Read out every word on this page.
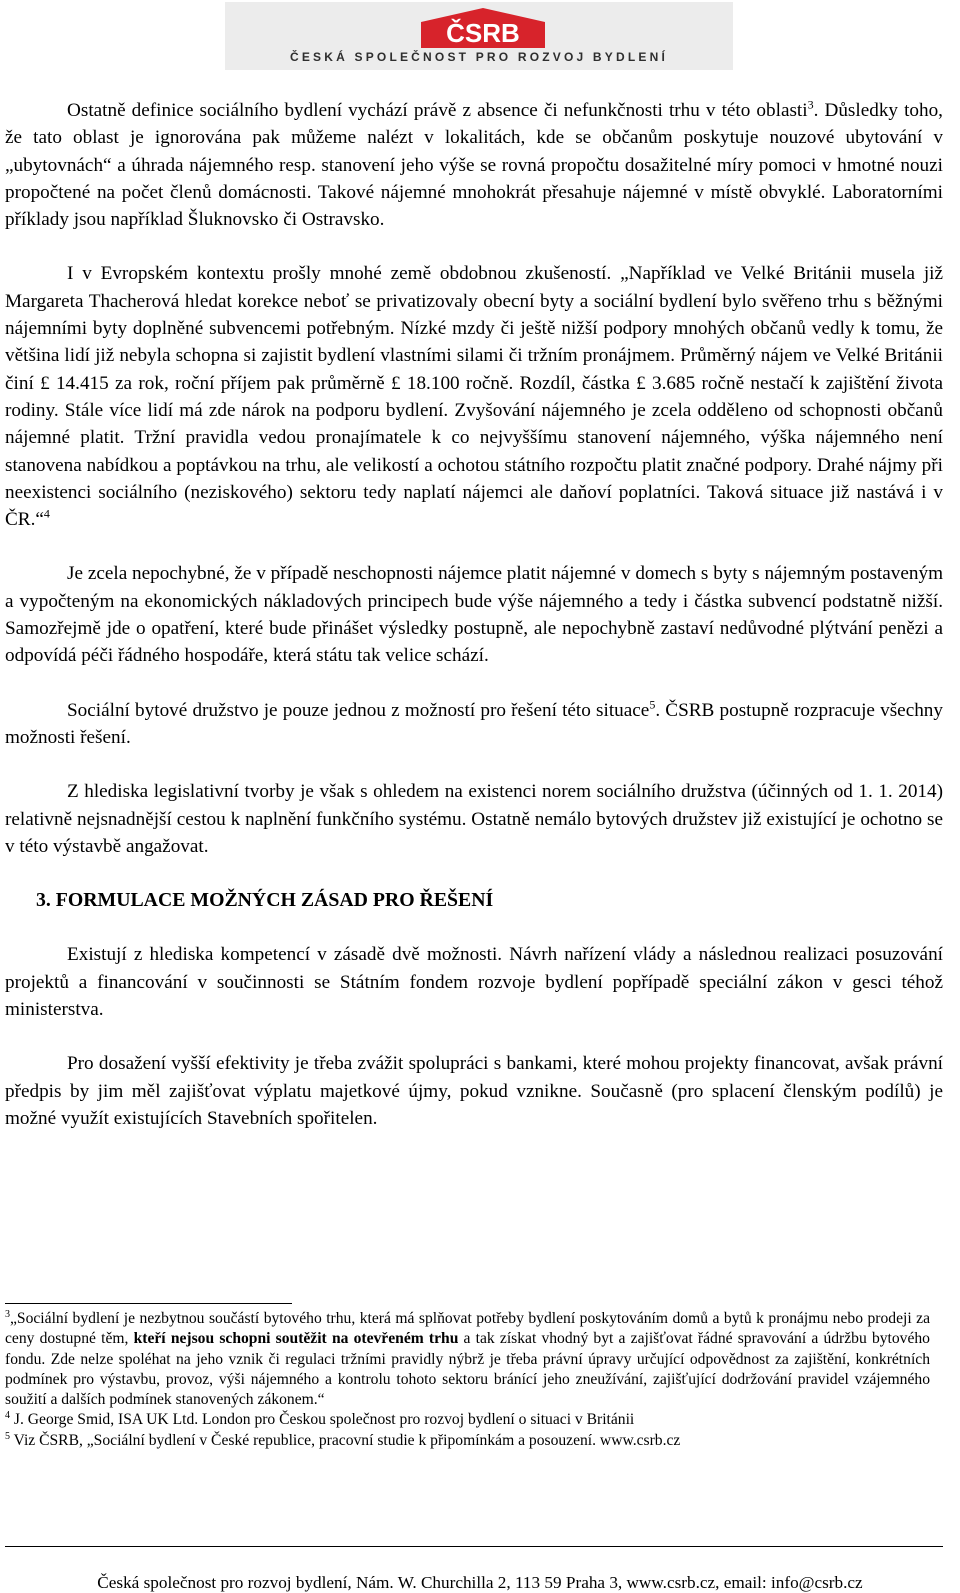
ČSRB
ČESKÁ SPOLEČNOST PRO ROZVOJ BYDLENÍ

Ostatně definice sociálního bydlení vychází právě z absence či nefunkčnosti trhu v této oblasti$^3$. Důsledky toho, že tato oblast je ignorována pak můžeme nalézt v lokalitách, kde se občanům poskytuje nouzové ubytování v „ubytovnách“ a úhrada nájemného resp. stanovení jeho výše se rovná propočtu dosažitelné míry pomoci v hmotné nouzi propočtené na počet členů domácnosti. Takové nájemné mnohokrát přesahuje nájemné v místě obvyklé. Laboratorními příklady jsou například Šluknovsko či Ostravsko.

I v Evropském kontextu prošly mnohé země obdobnou zkušeností. „Například ve Velké Británii musela již Margareta Thacherová hledat korekce neboť se privatizovaly obecní byty a sociální bydlení bylo svěřeno trhu s běžnými nájemními byty doplněné subvencemi potřebným. Nízké mzdy či ještě nižší podpory mnohých občanů vedly k tomu, že většina lidí již nebyla schopna si zajistit bydlení vlastními silami či tržním pronájmem. Průměrný nájem ve Velké Británii činí £ 14.415 za rok, roční příjem pak průměrně £ 18.100 ročně. Rozdíl, částka £ 3.685 ročně nestačí k zajištění života rodiny. Stále více lidí má zde nárok na podporu bydlení. Zvyšování nájemného je zcela odděleno od schopnosti občanů nájemné platit. Tržní pravidla vedou pronajímatele k co nejvyššímu stanovení nájemného, výška nájemného není stanovena nabídkou a poptávkou na trhu, ale velikostí a ochotou státního rozpočtu platit značné podpory. Drahé nájmy při neexistenci sociálního (neziskového) sektoru tedy naplatí nájemci ale daňoví poplatníci. Taková situace již nastává i v ČR.“$^4$

Je zcela nepochybné, že v případě neschopnosti nájemce platit nájemné v domech s byty s nájemným postaveným a vypočteným na ekonomických nákladových principech bude výše nájemného a tedy i částka subvencí podstatně nižší. Samozřejmě jde o opatření, které bude přinášet výsledky postupně, ale nepochybně zastaví nedůvodné plýtvání penězi a odpovídá péči řádného hospodáře, která státu tak velice schází.

Sociální bytové družstvo je pouze jednou z možností pro řešení této situace$^5$. ČSRB postupně rozpracuje všechny možnosti řešení.

Z hlediska legislativní tvorby je však s ohledem na existenci norem sociálního družstva (účinných od 1. 1. 2014) relativně nejsnadnější cestou k naplnění funkčního systému. Ostatně nemálo bytových družstev již existující je ochotno se v této výstavbě angažovat.

3. FORMULACE MOŽNÝCH ZÁSAD PRO ŘEŠENÍ

Existují z hlediska kompetencí v zásadě dvě možnosti. Návrh nařízení vlády a následnou realizaci posuzování projektů a financování v součinnosti se Státním fondem rozvoje bydlení popřípadě speciální zákon v gesci téhož ministerstva.

Pro dosažení vyšší efektivity je třeba zvážit spolupráci s bankami, které mohou projekty financovat, avšak právní předpis by jim měl zajišťovat výplatu majetkové újmy, pokud vznikne. Současně (pro splacení členským podílů) je možné využít existujících Stavebních spořitelen.

$^3$„Sociální bydlení je nezbytnou součástí bytového trhu, která má splňovat potřeby bydlení poskytováním domů a bytů k pronájmu nebo prodeji za ceny dostupné těm, kteří nejsou schopni soutěžit na otevřeném trhu a tak získat vhodný byt a zajišťovat řádné spravování a údržbu bytového fondu. Zde nelze spoléhat na jeho vznik či regulaci tržními pravidly nýbrž je třeba právní úpravy určující odpovědnost za zajištění, konkrétních podmínek pro výstavbu, provoz, výši nájemného a kontrolu tohoto sektoru bránící jeho zneužívání, zajišťující dodržování pravidel vzájemného soužití a dalších podmínek stanovených zákonem.“

$^4$ J. George Smid, ISA UK Ltd. London pro Českou společnost pro rozvoj bydlení o situaci v Británii

$^5$ Viz ČSRB, „Sociální bydlení v České republice, pracovní studie k připomínkám a posouzení. www.csrb.cz

Česká společnost pro rozvoj bydlení, Nám. W. Churchilla 2, 113 59 Praha 3, www.csrb.cz, email: info@csrb.cz
